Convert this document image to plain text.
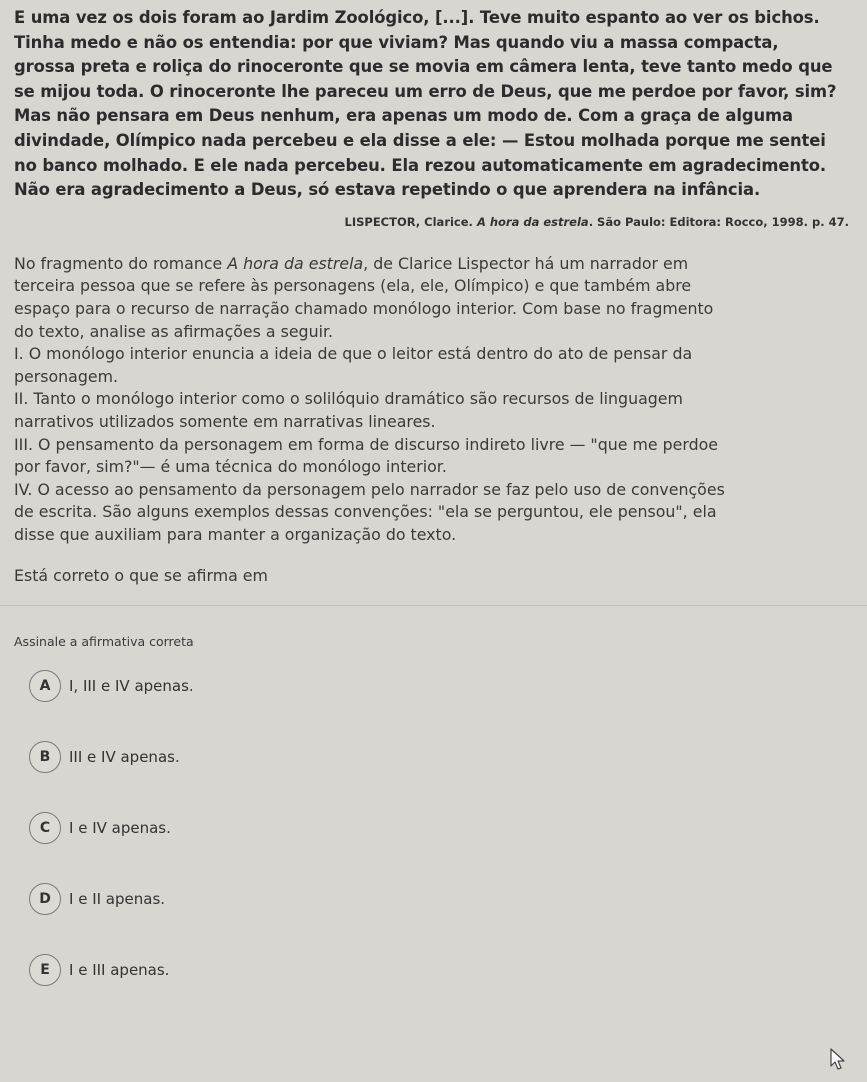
E uma vez os dois foram ao Jardim Zoológico, [...]. Teve muito espanto ao ver os bichos.
Tinha medo e não os entendia: por que viviam? Mas quando viu a massa compacta,
grossa preta e roliça do rinoceronte que se movia em câmera lenta, teve tanto medo que
se mijou toda. O rinoceronte lhe pareceu um erro de Deus, que me perdoe por favor, sim?
Mas não pensara em Deus nenhum, era apenas um modo de. Com a graça de alguma
divindade, Olímpico nada percebeu e ela disse a ele: — Estou molhada porque me sentei
no banco molhado. E ele nada percebeu. Ela rezou automaticamente em agradecimento.
Não era agradecimento a Deus, só estava repetindo o que aprendera na infância.

LISPECTOR, Clarice. A hora da estrela. São Paulo: Editora: Rocco, 1998. p. 47.
No fragmento do romance A hora da estrela, de Clarice Lispector há um narrador em
terceira pessoa que se refere às personagens (ela, ele, Olímpico) e que também abre
espaço para o recurso de narração chamado monólogo interior. Com base no fragmento
do texto, analise as afirmações a seguir.
I. O monólogo interior enuncia a ideia de que o leitor está dentro do ato de pensar da
personagem.
II. Tanto o monólogo interior como o solilóquio dramático são recursos de linguagem
narrativos utilizados somente em narrativas lineares.
III. O pensamento da personagem em forma de discurso indireto livre — "que me perdoe
por favor, sim?"— é uma técnica do monólogo interior.
IV. O acesso ao pensamento da personagem pelo narrador se faz pelo uso de convenções
de escrita. São alguns exemplos dessas convenções: "ela se perguntou, ele pensou", ela
disse que auxiliam para manter a organização do texto.
Está correto o que se afirma em
Assinale a afirmativa correta
A	I, III e IV apenas.
B	III e IV apenas.
C	I e IV apenas.
D	I e II apenas.
E	I e III apenas.
